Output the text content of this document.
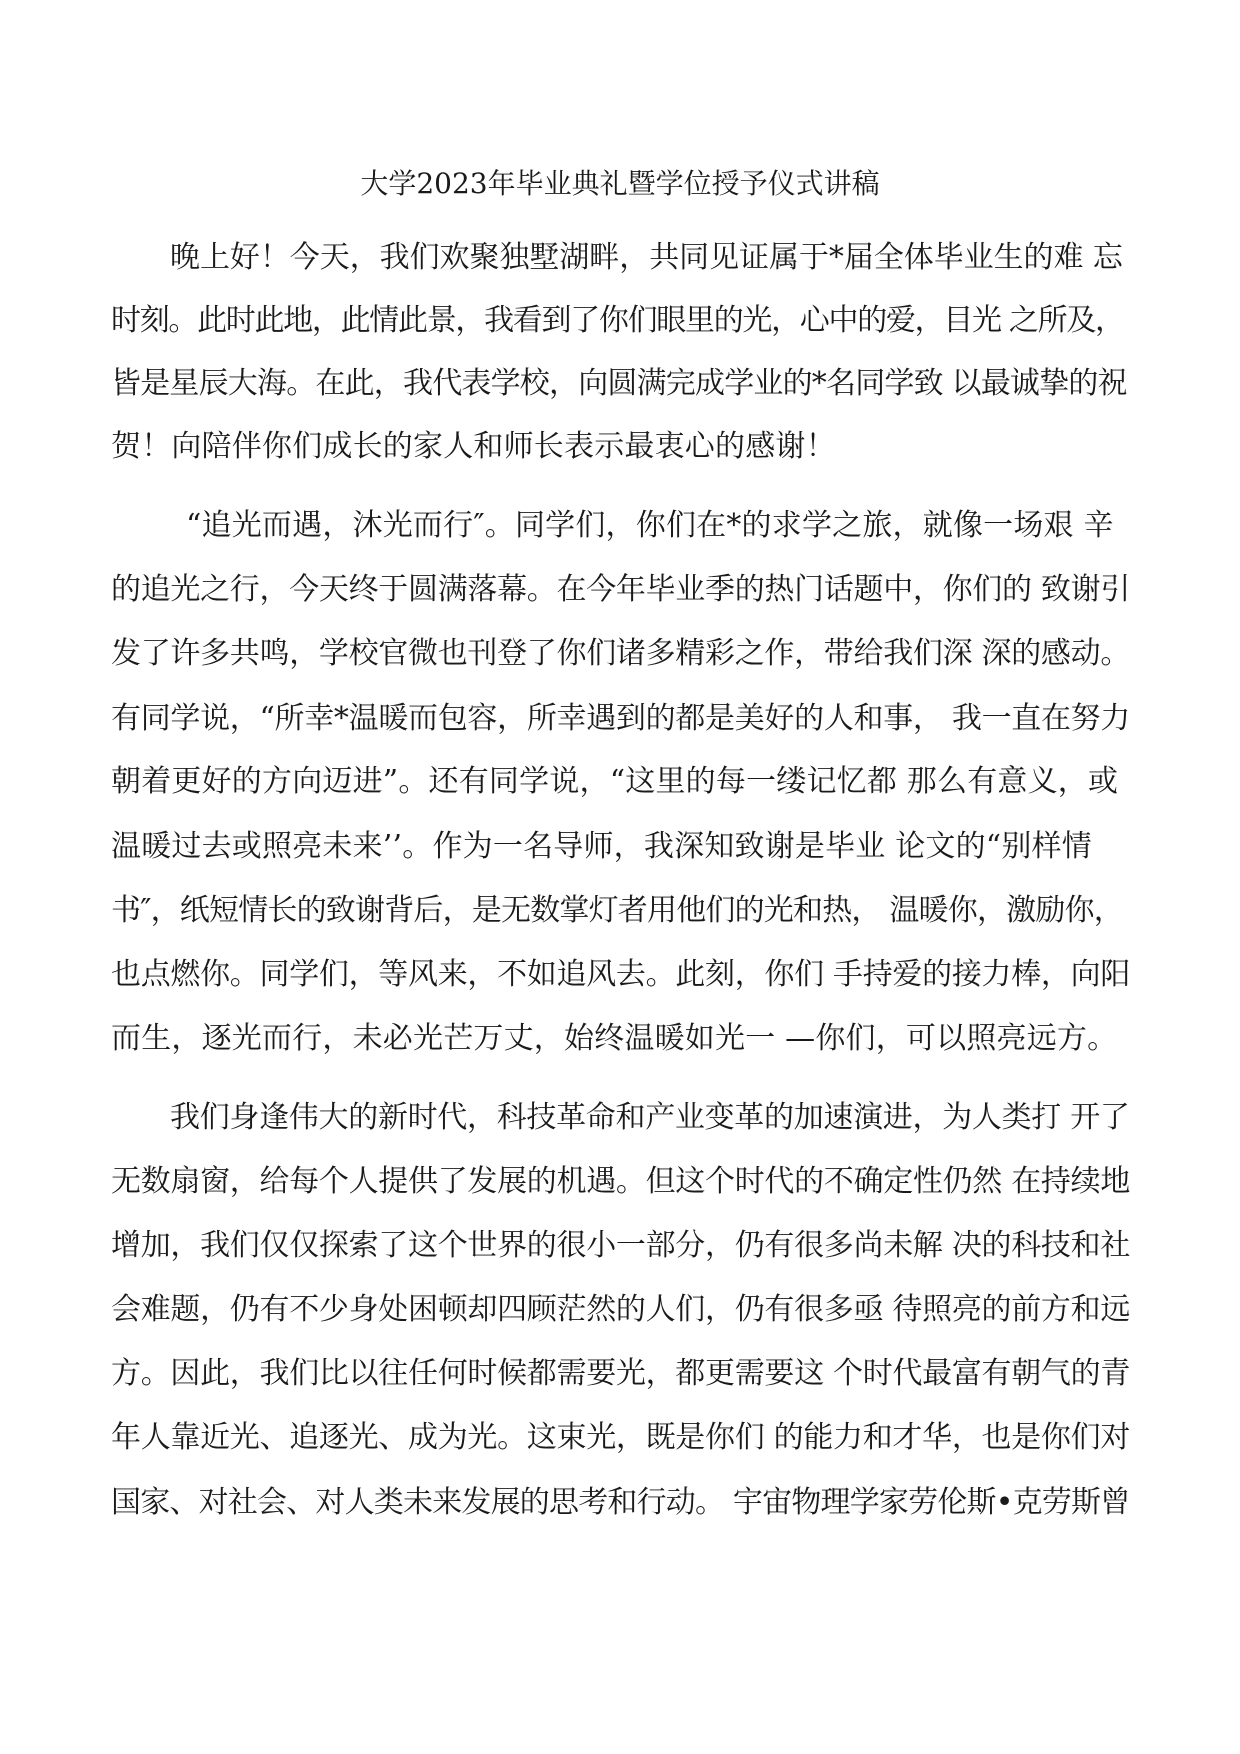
大学2023年毕业典礼暨学位授予仪式讲稿
晚上好！今天，我们欢聚独墅湖畔，共同见证属于*届全体毕业生的难 忘
时刻。此时此地，此情此景，我看到了你们眼里的光，心中的爱，目光 之所及，
皆是星辰大海。在此，我代表学校，向圆满完成学业的*名同学致 以最诚挚的祝
贺！向陪伴你们成长的家人和师长表示最衷心的感谢！
“追光而遇，沐光而行″。同学们，你们在*的求学之旅，就像一场艰 辛
的追光之行，今天终于圆满落幕。在今年毕业季的热门话题中，你们的 致谢引
发了许多共鸣，学校官微也刊登了你们诸多精彩之作，带给我们深 深的感动。
有同学说，“所幸*温暖而包容，所幸遇到的都是美好的人和事， 我一直在努力
朝着更好的方向迈进”。还有同学说，“这里的每一缕记忆都 那么有意义，或
温暖过去或照亮未来’’。作为一名导师，我深知致谢是毕业 论文的“别样情
书″，纸短情长的致谢背后，是无数掌灯者用他们的光和热， 温暖你，激励你，
也点燃你。同学们，等风来，不如追风去。此刻，你们 手持爱的接力棒，向阳
而生，逐光而行，未必光芒万丈，始终温暖如光一 —你们，可以照亮远方。
我们身逢伟大的新时代，科技革命和产业变革的加速演进，为人类打 开了
无数扇窗，给每个人提供了发展的机遇。但这个时代的不确定性仍然 在持续地
增加，我们仅仅探索了这个世界的很小一部分，仍有很多尚未解 决的科技和社
会难题，仍有不少身处困顿却四顾茫然的人们，仍有很多亟 待照亮的前方和远
方。因此，我们比以往任何时候都需要光，都更需要这 个时代最富有朝气的青
年人靠近光、追逐光、成为光。这束光，既是你们 的能力和才华，也是你们对
国家、对社会、对人类未来发展的思考和行动。 宇宙物理学家劳伦斯•克劳斯曾
